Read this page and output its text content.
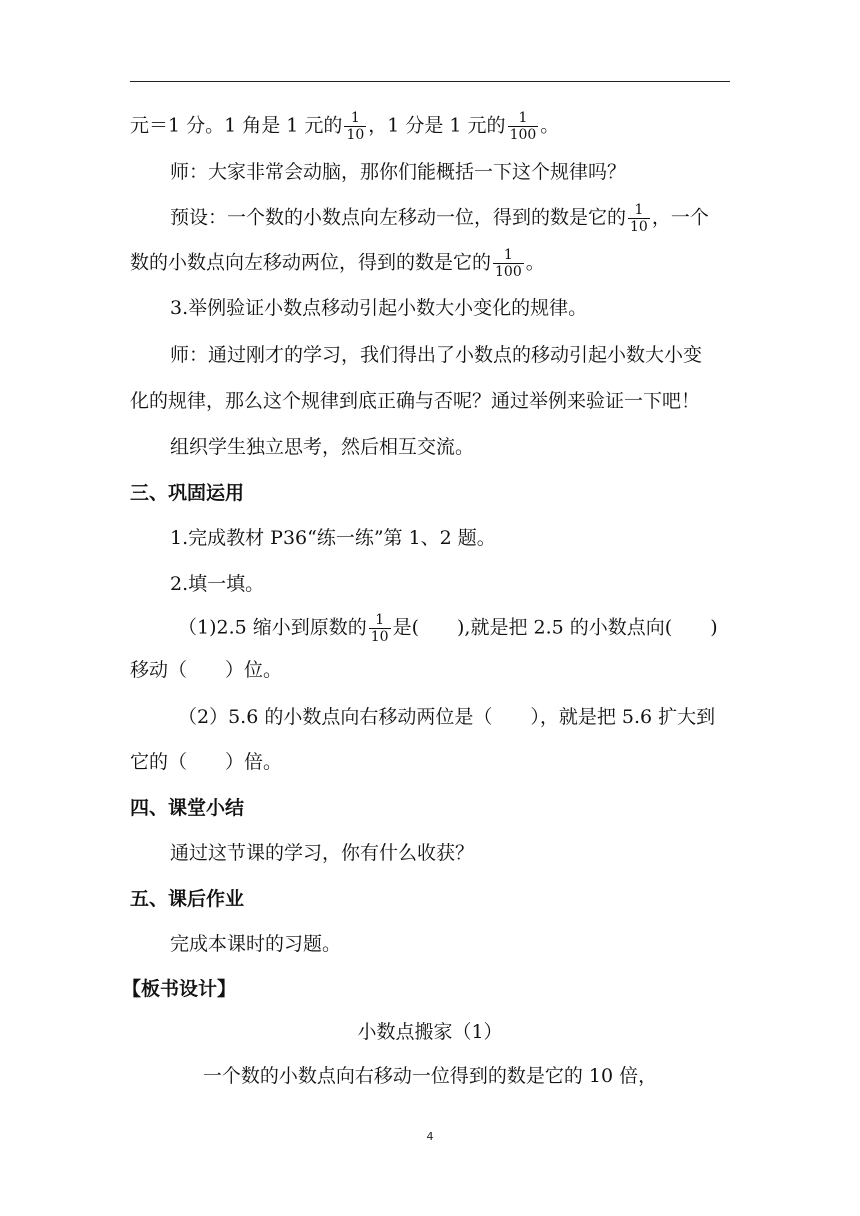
元＝1 分。1 角是 1 元的 $\frac{1}{10}$ ，1 分是 1 元的 $\frac{1}{100}$ 。
师：大家非常会动脑，那你们能概括一下这个规律吗？
预设：一个数的小数点向左移动一位，得到的数是它的 $\frac{1}{10}$ ，一个
数的小数点向左移动两位，得到的数是它的 $\frac{1}{100}$ 。
3.举例验证小数点移动引起小数大小变化的规律。
师：通过刚才的学习，我们得出了小数点的移动引起小数大小变
化的规律，那么这个规律到底正确与否呢？通过举例来验证一下吧！
组织学生独立思考，然后相互交流。
三、巩固运用
1.完成教材 P36“练一练”第 1、2 题。
2.填一填。
（1)2.5 缩小到原数的 $\frac{1}{10}$ 是( ),就是把 2.5 的小数点向( )
移动（ ）位。
（2）5.6 的小数点向右移动两位是（ ），就是把 5.6 扩大到
它的（ ）倍。
四、课堂小结
通过这节课的学习，你有什么收获？
五、课后作业
完成本课时的习题。
【板书设计】
小数点搬家（1）
一个数的小数点向右移动一位得到的数是它的 10 倍，
4
